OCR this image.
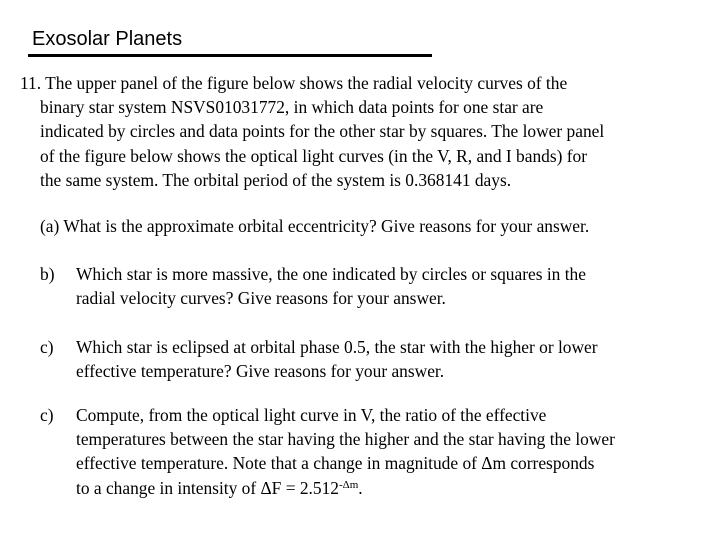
Exosolar Planets
11. The upper panel of the figure below shows the radial velocity curves of the
binary star system NSVS01031772, in which data points for one star are
indicated by circles and data points for the other star by squares. The lower panel
of the figure below shows the optical light curves (in the V, R, and I bands) for
the same system. The orbital period of the system is 0.368141 days.
(a) What is the approximate orbital eccentricity? Give reasons for your answer.
b) Which star is more massive, the one indicated by circles or squares in the
radial velocity curves? Give reasons for your answer.
c) Which star is eclipsed at orbital phase 0.5, the star with the higher or lower
effective temperature? Give reasons for your answer.
c) Compute, from the optical light curve in V, the ratio of the effective
temperatures between the star having the higher and the star having the lower
effective temperature. Note that a change in magnitude of Δm corresponds
to a change in intensity of $\Delta F = 2.512^{-\Delta m}$.
